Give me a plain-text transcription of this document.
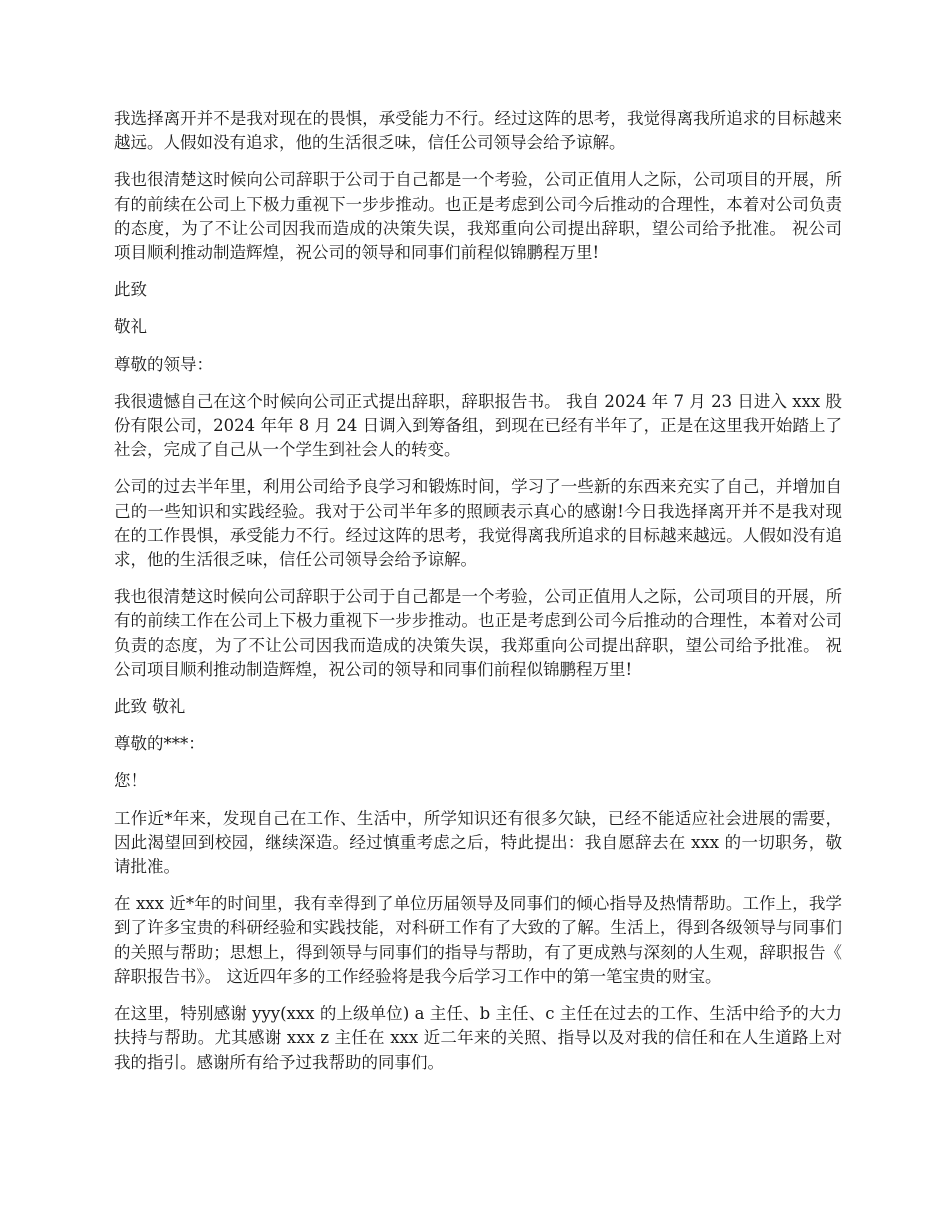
我选择离开并不是我对现在的畏惧，承受能力不行。经过这阵的思考，我觉得离我所追求的目标越来越远。人假如没有追求，他的生活很乏味，信任公司领导会给予谅解。

我也很清楚这时候向公司辞职于公司于自己都是一个考验，公司正值用人之际，公司项目的开展，所有的前续在公司上下极力重视下一步步推动。也正是考虑到公司今后推动的合理性，本着对公司负责的态度，为了不让公司因我而造成的决策失误，我郑重向公司提出辞职，望公司给予批准。 祝公司项目顺利推动制造辉煌，祝公司的领导和同事们前程似锦鹏程万里!

此致

敬礼

尊敬的领导：

我很遗憾自己在这个时候向公司正式提出辞职，辞职报告书。 我自 2024 年 7 月 23 日进入 xxx 股份有限公司，2024 年年 8 月 24 日调入到筹备组，到现在已经有半年了，正是在这里我开始踏上了社会，完成了自己从一个学生到社会人的转变。

公司的过去半年里，利用公司给予良学习和锻炼时间，学习了一些新的东西来充实了自己，并增加自己的一些知识和实践经验。我对于公司半年多的照顾表示真心的感谢!今日我选择离开并不是我对现在的工作畏惧，承受能力不行。经过这阵的思考，我觉得离我所追求的目标越来越远。人假如没有追求，他的生活很乏味，信任公司领导会给予谅解。

我也很清楚这时候向公司辞职于公司于自己都是一个考验，公司正值用人之际，公司项目的开展，所有的前续工作在公司上下极力重视下一步步推动。也正是考虑到公司今后推动的合理性，本着对公司负责的态度，为了不让公司因我而造成的决策失误，我郑重向公司提出辞职，望公司给予批准。 祝公司项目顺利推动制造辉煌，祝公司的领导和同事们前程似锦鹏程万里!

此致 敬礼

尊敬的***：

您！

工作近*年来，发现自己在工作、生活中，所学知识还有很多欠缺，已经不能适应社会进展的需要，因此渴望回到校园，继续深造。经过慎重考虑之后，特此提出：我自愿辞去在 xxx 的一切职务，敬请批准。

在 xxx 近*年的时间里，我有幸得到了单位历届领导及同事们的倾心指导及热情帮助。工作上，我学到了许多宝贵的科研经验和实践技能，对科研工作有了大致的了解。生活上，得到各级领导与同事们的关照与帮助；思想上，得到领导与同事们的指导与帮助，有了更成熟与深刻的人生观，辞职报告《辞职报告书》。 这近四年多的工作经验将是我今后学习工作中的第一笔宝贵的财宝。

在这里，特别感谢 yyy(xxx 的上级单位) a 主任、b 主任、c 主任在过去的工作、生活中给予的大力扶持与帮助。尤其感谢 xxx z 主任在 xxx 近二年来的关照、指导以及对我的信任和在人生道路上对我的指引。感谢所有给予过我帮助的同事们。
